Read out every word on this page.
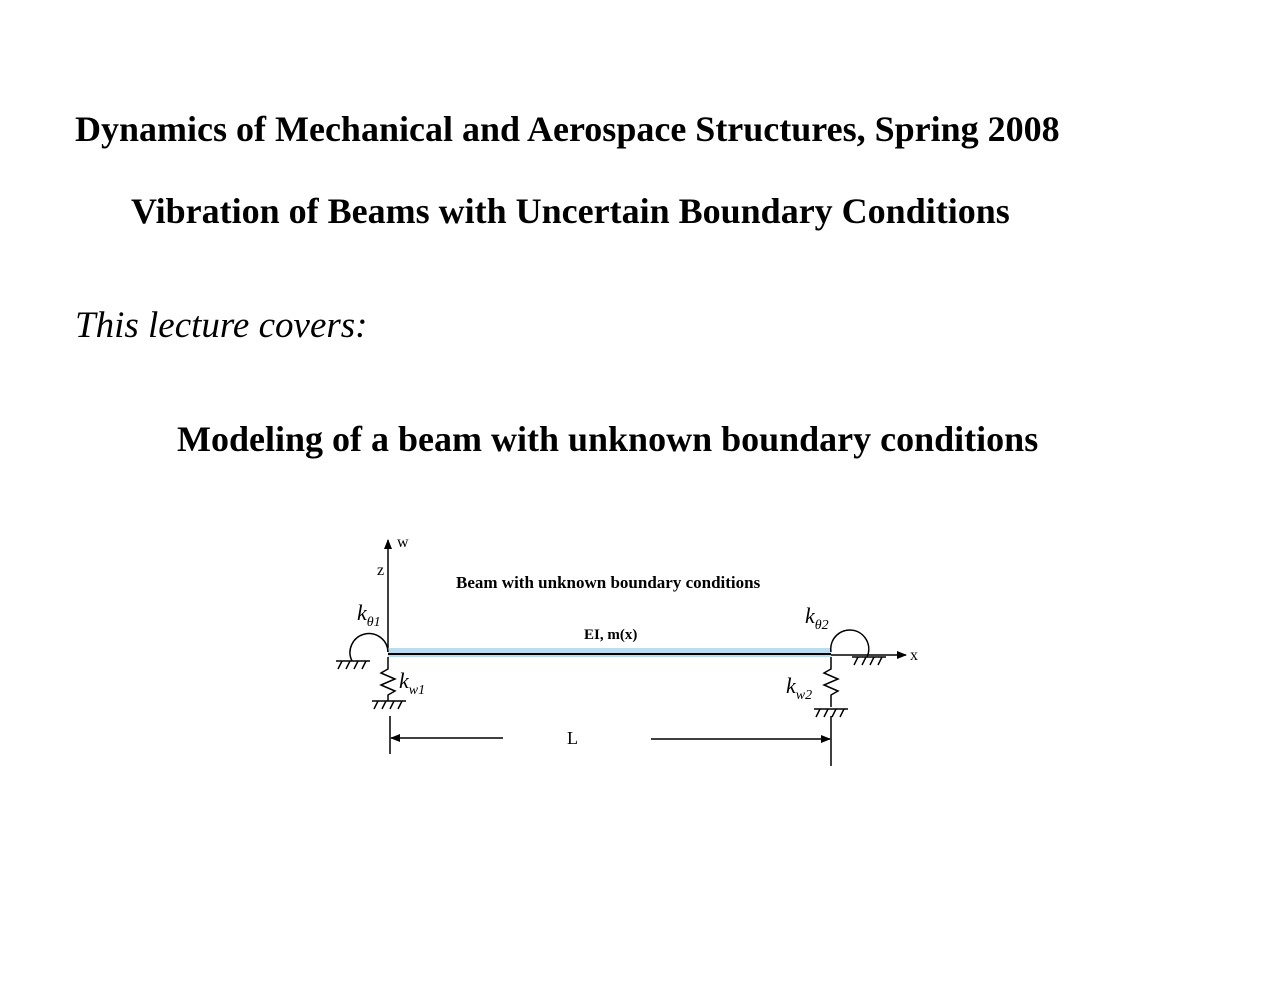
Dynamics of Mechanical and Aerospace Structures, Spring 2008
Vibration of Beams with Uncertain Boundary Conditions
This lecture covers:
Modeling of a beam with unknown boundary conditions
w
z
Beam with unknown boundary conditions
EI, m(x)
x
$k_{\theta 1}$
$k_{w1}$
$k_{\theta 2}$
$k_{w2}$
L
